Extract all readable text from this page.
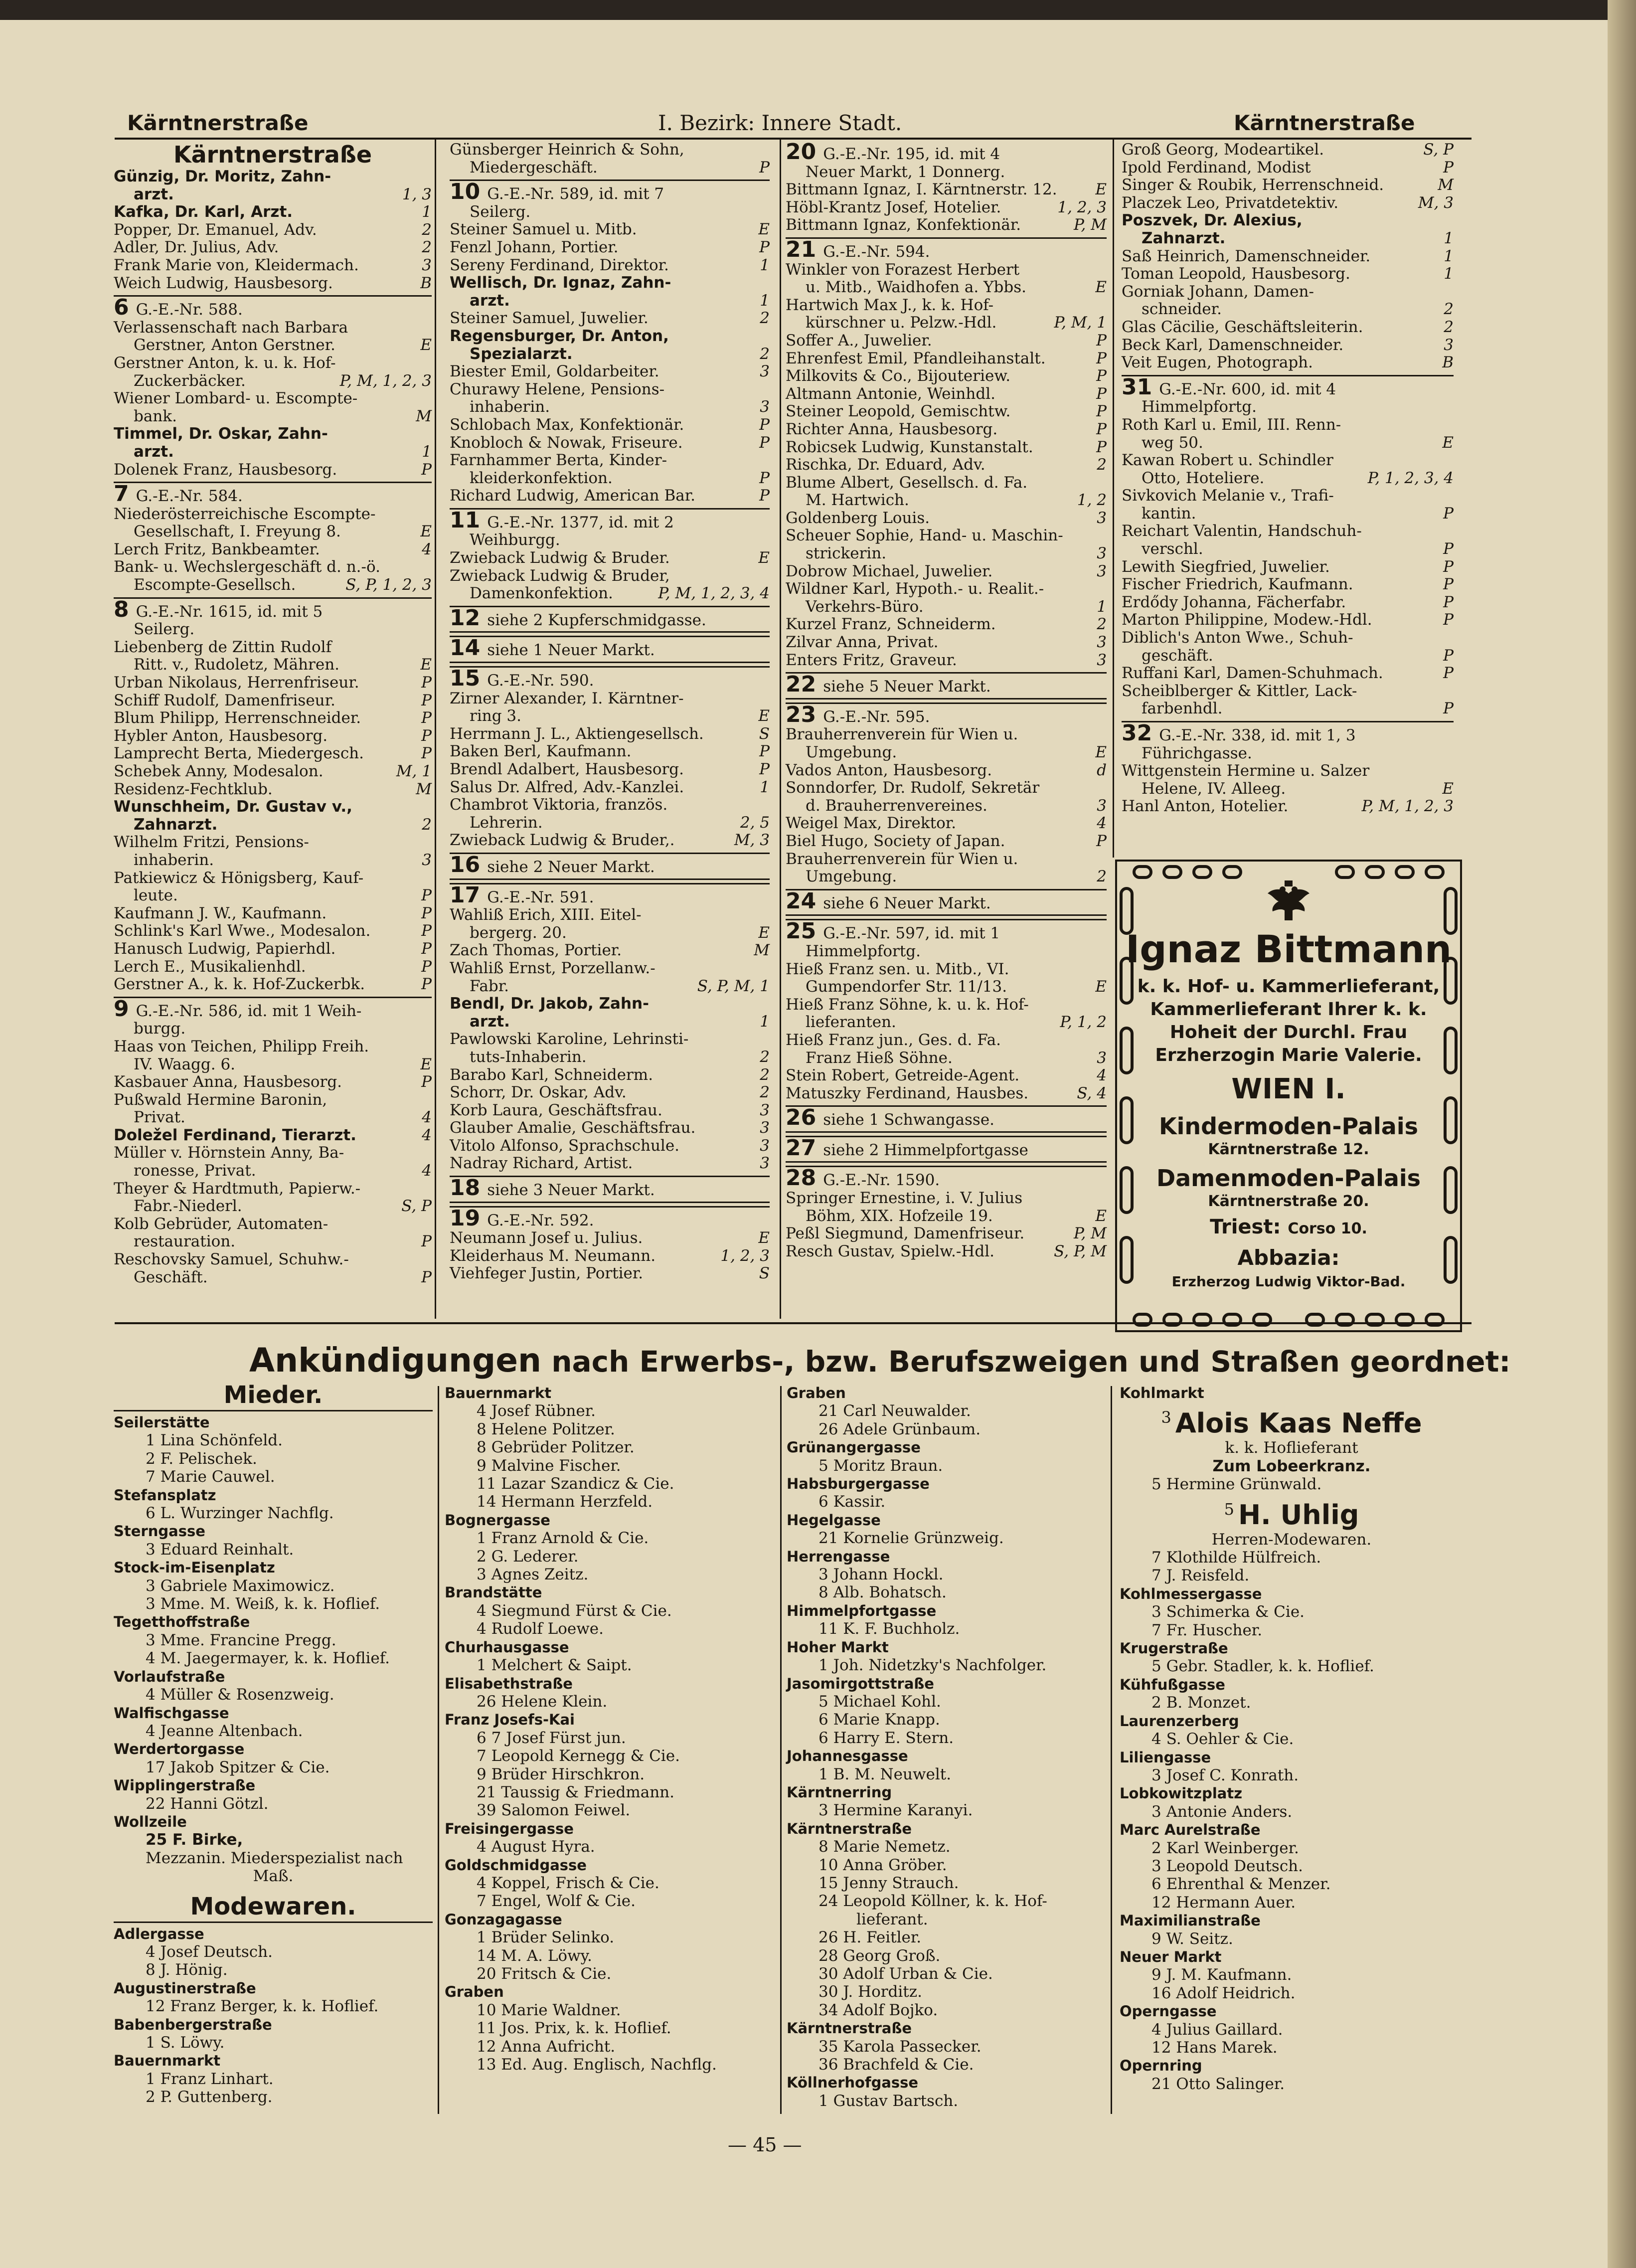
Kärntnerstraße	I. Bezirk: Innere Stadt.	Kärntnerstraße
Kärntnerstraße
Günzig, Dr. Moritz, Zahn-
arzt.	1, 3
Kafka, Dr. Karl, Arzt.	1
Popper, Dr. Emanuel, Adv.	2
Adler, Dr. Julius, Adv.	2
Frank Marie von, Kleidermach.	3
Weich Ludwig, Hausbesorg.	B
6 G.-E.-Nr. 588.
Verlassenschaft nach Barbara
Gerstner, Anton Gerstner.	E
Gerstner Anton, k. u. k. Hof-
Zuckerbäcker.	P, M, 1, 2, 3
Wiener Lombard- u. Escompte-
bank.	M
Timmel, Dr. Oskar, Zahn-
arzt.	1
Dolenek Franz, Hausbesorg.	P
7 G.-E.-Nr. 584.
Niederösterreichische Escompte-
Gesellschaft, I. Freyung 8.	E
Lerch Fritz, Bankbeamter.	4
Bank- u. Wechslergeschäft d. n.-ö.
Escompte-Gesellsch.	S, P, 1, 2, 3
8 G.-E.-Nr. 1615, id. mit 5
Seilerg.
Liebenberg de Zittin Rudolf
Ritt. v., Rudoletz, Mähren.	E
Urban Nikolaus, Herrenfriseur.	P
Schiff Rudolf, Damenfriseur.	P
Blum Philipp, Herrenschneider.	P
Hybler Anton, Hausbesorg.	P
Lamprecht Berta, Miedergesch.	P
Schebek Anny, Modesalon.	M, 1
Residenz-Fechtklub.	M
Wunschheim, Dr. Gustav v.,
Zahnarzt.	2
Wilhelm Fritzi, Pensions-
inhaberin.	3
Patkiewicz & Hönigsberg, Kauf-
leute.	P
Kaufmann J. W., Kaufmann.	P
Schlink's Karl Wwe., Modesalon.	P
Hanusch Ludwig, Papierhdl.	P
Lerch E., Musikalienhdl.	P
Gerstner A., k. k. Hof-Zuckerbk.	P
9 G.-E.-Nr. 586, id. mit 1 Weih-
burgg.
Haas von Teichen, Philipp Freih.
IV. Waagg. 6.	E
Kasbauer Anna, Hausbesorg.	P
Pußwald Hermine Baronin,
Privat.	4
Doležel Ferdinand, Tierarzt.	4
Müller v. Hörnstein Anny, Ba-
ronesse, Privat.	4
Theyer & Hardtmuth, Papierw.-
Fabr.-Niederl.	S, P
Kolb Gebrüder, Automaten-
restauration.	P
Reschovsky Samuel, Schuhw.-
Geschäft.	P
Günsberger Heinrich & Sohn,
Miedergeschäft.	P
10 G.-E.-Nr. 589, id. mit 7
Seilerg.
Steiner Samuel u. Mitb.	E
Fenzl Johann, Portier.	P
Sereny Ferdinand, Direktor.	1
Wellisch, Dr. Ignaz, Zahn-
arzt.	1
Steiner Samuel, Juwelier.	2
Regensburger, Dr. Anton,
Spezialarzt.	2
Biester Emil, Goldarbeiter.	3
Churawy Helene, Pensions-
inhaberin.	3
Schlobach Max, Konfektionär.	P
Knobloch & Nowak, Friseure.	P
Farnhammer Berta, Kinder-
kleiderkonfektion.	P
Richard Ludwig, American Bar.	P
11 G.-E.-Nr. 1377, id. mit 2
Weihburgg.
Zwieback Ludwig & Bruder.	E
Zwieback Ludwig & Bruder,
Damenkonfektion.	P, M, 1, 2, 3, 4
12 siehe 2 Kupferschmidgasse.
14 siehe 1 Neuer Markt.
15 G.-E.-Nr. 590.
Zirner Alexander, I. Kärntner-
ring 3.	E
Herrmann J. L., Aktiengesellsch.	S
Baken Berl, Kaufmann.	P
Brendl Adalbert, Hausbesorg.	P
Salus Dr. Alfred, Adv.-Kanzlei.	1
Chambrot Viktoria, französ.
Lehrerin.	2, 5
Zwieback Ludwig & Bruder,.	M, 3
16 siehe 2 Neuer Markt.
17 G.-E.-Nr. 591.
Wahliß Erich, XIII. Eitel-
bergerg. 20.	E
Zach Thomas, Portier.	M
Wahliß Ernst, Porzellanw.-
Fabr.	S, P, M, 1
Bendl, Dr. Jakob, Zahn-
arzt.	1
Pawlowski Karoline, Lehrinsti-
tuts-Inhaberin.	2
Barabo Karl, Schneiderm.	2
Schorr, Dr. Oskar, Adv.	2
Korb Laura, Geschäftsfrau.	3
Glauber Amalie, Geschäftsfrau.	3
Vitolo Alfonso, Sprachschule.	3
Nadray Richard, Artist.	3
18 siehe 3 Neuer Markt.
19 G.-E.-Nr. 592.
Neumann Josef u. Julius.	E
Kleiderhaus M. Neumann.	1, 2, 3
Viehfeger Justin, Portier.	S
20 G.-E.-Nr. 195, id. mit 4
Neuer Markt, 1 Donnerg.
Bittmann Ignaz, I. Kärntnerstr. 12. E
Höbl-Krantz Josef, Hotelier.	1, 2, 3
Bittmann Ignaz, Konfektionär.	P, M
21 G.-E.-Nr. 594.
Winkler von Forazest Herbert
u. Mitb., Waidhofen a. Ybbs.	E
Hartwich Max J., k. k. Hof-
kürschner u. Pelzw.-Hdl.	P, M, 1
Soffer A., Juwelier.	P
Ehrenfest Emil, Pfandleihanstalt.	P
Milkovits & Co., Bijouteriew.	P
Altmann Antonie, Weinhdl.	P
Steiner Leopold, Gemischtw.	P
Richter Anna, Hausbesorg.	P
Robicsek Ludwig, Kunstanstalt.	P
Rischka, Dr. Eduard, Adv.	2
Blume Albert, Gesellsch. d. Fa.
M. Hartwich.	1, 2
Goldenberg Louis.	3
Scheuer Sophie, Hand- u. Maschin-
strickerin.	3
Dobrow Michael, Juwelier.	3
Wildner Karl, Hypoth.- u. Realit.-
Verkehrs-Büro.	1
Kurzel Franz, Schneiderm.	2
Zilvar Anna, Privat.	3
Enters Fritz, Graveur.	3
22 siehe 5 Neuer Markt.
23 G.-E.-Nr. 595.
Brauherrenverein für Wien u.
Umgebung.	E
Vados Anton, Hausbesorg.	d
Sonndorfer, Dr. Rudolf, Sekretär
d. Brauherrenvereines.	3
Weigel Max, Direktor.	4
Biel Hugo, Society of Japan.	P
Brauherrenverein für Wien u.
Umgebung.	2
24 siehe 6 Neuer Markt.
25 G.-E.-Nr. 597, id. mit 1
Himmelpfortg.
Hieß Franz sen. u. Mitb., VI.
Gumpendorfer Str. 11/13.	E
Hieß Franz Söhne, k. u. k. Hof-
lieferanten.	P, 1, 2
Hieß Franz jun., Ges. d. Fa.
Franz Hieß Söhne.	3
Stein Robert, Getreide-Agent.	4
Matuszky Ferdinand, Hausbes.	S, 4
26 siehe 1 Schwangasse.
27 siehe 2 Himmelpfortgasse
28 G.-E.-Nr. 1590.
Springer Ernestine, i. V. Julius
Böhm, XIX. Hofzeile 19.	E
Peßl Siegmund, Damenfriseur.	P, M
Resch Gustav, Spielw.-Hdl.	S, P, M
Groß Georg, Modeartikel.	S, P
Ipold Ferdinand, Modist	P
Singer & Roubik, Herrenschneid.	M
Placzek Leo, Privatdetektiv.	M, 3
Poszvek, Dr. Alexius,
Zahnarzt.	1
Saß Heinrich, Damenschneider.	1
Toman Leopold, Hausbesorg.	1
Gorniak Johann, Damen-
schneider.	2
Glas Cäcilie, Geschäftsleiterin.	2
Beck Karl, Damenschneider.	3
Veit Eugen, Photograph.	B
31 G.-E.-Nr. 600, id. mit 4
Himmelpfortg.
Roth Karl u. Emil, III. Renn-
weg 50.	E
Kawan Robert u. Schindler
Otto, Hoteliere.	P, 1, 2, 3, 4
Sivkovich Melanie v., Trafi-
kantin.	P
Reichart Valentin, Handschuh-
verschl.	P
Lewith Siegfried, Juwelier.	P
Fischer Friedrich, Kaufmann.	P
Erdődy Johanna, Fächerfabr.	P
Marton Philippine, Modew.-Hdl.	P
Diblich's Anton Wwe., Schuh-
geschäft.	P
Ruffani Karl, Damen-Schuhmach.	P
Scheiblberger & Kittler, Lack-
farbenhdl.	P
32 G.-E.-Nr. 338, id. mit 1, 3
Führichgasse.
Wittgenstein Hermine u. Salzer
Helene, IV. Alleeg.	E
Hanl Anton, Hotelier.	P, M, 1, 2, 3
Ignaz Bittmann
k. k. Hof- u. Kammerlieferant,
Kammerlieferant Ihrer k. k.
Hoheit der Durchl. Frau
Erzherzogin Marie Valerie.
WIEN I.
Kindermoden-Palais
Kärntnerstraße 12.
Damenmoden-Palais
Kärntnerstraße 20.
Triest: Corso 10.
Abbazia:
Erzherzog Ludwig Viktor-Bad.
Ankündigungen nach Erwerbs-, bzw. Berufszweigen und Straßen geordnet:
Mieder.
Seilerstätte
1 Lina Schönfeld.
2 F. Pelischek.
7 Marie Cauwel.
Stefansplatz
6 L. Wurzinger Nachflg.
Sterngasse
3 Eduard Reinhalt.
Stock-im-Eisenplatz
3 Gabriele Maximowicz.
3 Mme. M. Weiß, k. k. Hoflief.
Tegetthoffstraße
3 Mme. Francine Pregg.
4 M. Jaegermayer, k. k. Hoflief.
Vorlaufstraße
4 Müller & Rosenzweig.
Walfischgasse
4 Jeanne Altenbach.
Werdertorgasse
17 Jakob Spitzer & Cie.
Wipplingerstraße
22 Hanni Götzl.
Wollzeile
25 F. Birke,
Mezzanin. Miederspezialist nach
Maß.
Modewaren.
Adlergasse
4 Josef Deutsch.
8 J. Hönig.
Augustinerstraße
12 Franz Berger, k. k. Hoflief.
Babenbergerstraße
1 S. Löwy.
Bauernmarkt
1 Franz Linhart.
2 P. Guttenberg.
Bauernmarkt
4 Josef Rübner.
8 Helene Politzer.
8 Gebrüder Politzer.
9 Malvine Fischer.
11 Lazar Szandicz & Cie.
14 Hermann Herzfeld.
Bognergasse
1 Franz Arnold & Cie.
2 G. Lederer.
3 Agnes Zeitz.
Brandstätte
4 Siegmund Fürst & Cie.
4 Rudolf Loewe.
Churhausgasse
1 Melchert & Saipt.
Elisabethstraße
26 Helene Klein.
Franz Josefs-Kai
6 7 Josef Fürst jun.
7 Leopold Kernegg & Cie.
9 Brüder Hirschkron.
21 Taussig & Friedmann.
39 Salomon Feiwel.
Freisingergasse
4 August Hyra.
Goldschmidgasse
4 Koppel, Frisch & Cie.
7 Engel, Wolf & Cie.
Gonzagagasse
1 Brüder Selinko.
14 M. A. Löwy.
20 Fritsch & Cie.
Graben
10 Marie Waldner.
11 Jos. Prix, k. k. Hoflief.
12 Anna Aufricht.
13 Ed. Aug. Englisch, Nachflg.
Graben
21 Carl Neuwalder.
26 Adele Grünbaum.
Grünangergasse
5 Moritz Braun.
Habsburgergasse
6 Kassir.
Hegelgasse
21 Kornelie Grünzweig.
Herrengasse
3 Johann Hockl.
8 Alb. Bohatsch.
Himmelpfortgasse
11 K. F. Buchholz.
Hoher Markt
1 Joh. Nidetzky's Nachfolger.
Jasomirgottstraße
5 Michael Kohl.
6 Marie Knapp.
6 Harry E. Stern.
Johannesgasse
1 B. M. Neuwelt.
Kärntnerring
3 Hermine Karanyi.
Kärntnerstraße
8 Marie Nemetz.
10 Anna Gröber.
15 Jenny Strauch.
24 Leopold Köllner, k. k. Hof-
lieferant.
26 H. Feitler.
28 Georg Groß.
30 Adolf Urban & Cie.
30 J. Horditz.
34 Adolf Bojko.
Kärntnerstraße
35 Karola Passecker.
36 Brachfeld & Cie.
Köllnerhofgasse
1 Gustav Bartsch.
Kohlmarkt
$^3$ Alois Kaas Neffe
k. k. Hoflieferant
Zum Lobeerkranz.
5 Hermine Grünwald.
$^5$ H. Uhlig
Herren-Modewaren.
7 Klothilde Hülfreich.
7 J. Reisfeld.
Kohlmessergasse
3 Schimerka & Cie.
7 Fr. Huscher.
Krugerstraße
5 Gebr. Stadler, k. k. Hoflief.
Kühfußgasse
2 B. Monzet.
Laurenzerberg
4 S. Oehler & Cie.
Liliengasse
3 Josef C. Konrath.
Lobkowitzplatz
3 Antonie Anders.
Marc Aurelstraße
2 Karl Weinberger.
3 Leopold Deutsch.
6 Ehrenthal & Menzer.
12 Hermann Auer.
Maximilianstraße
9 W. Seitz.
Neuer Markt
9 J. M. Kaufmann.
16 Adolf Heidrich.
Operngasse
4 Julius Gaillard.
12 Hans Marek.
Opernring
21 Otto Salinger.
— 45 —
